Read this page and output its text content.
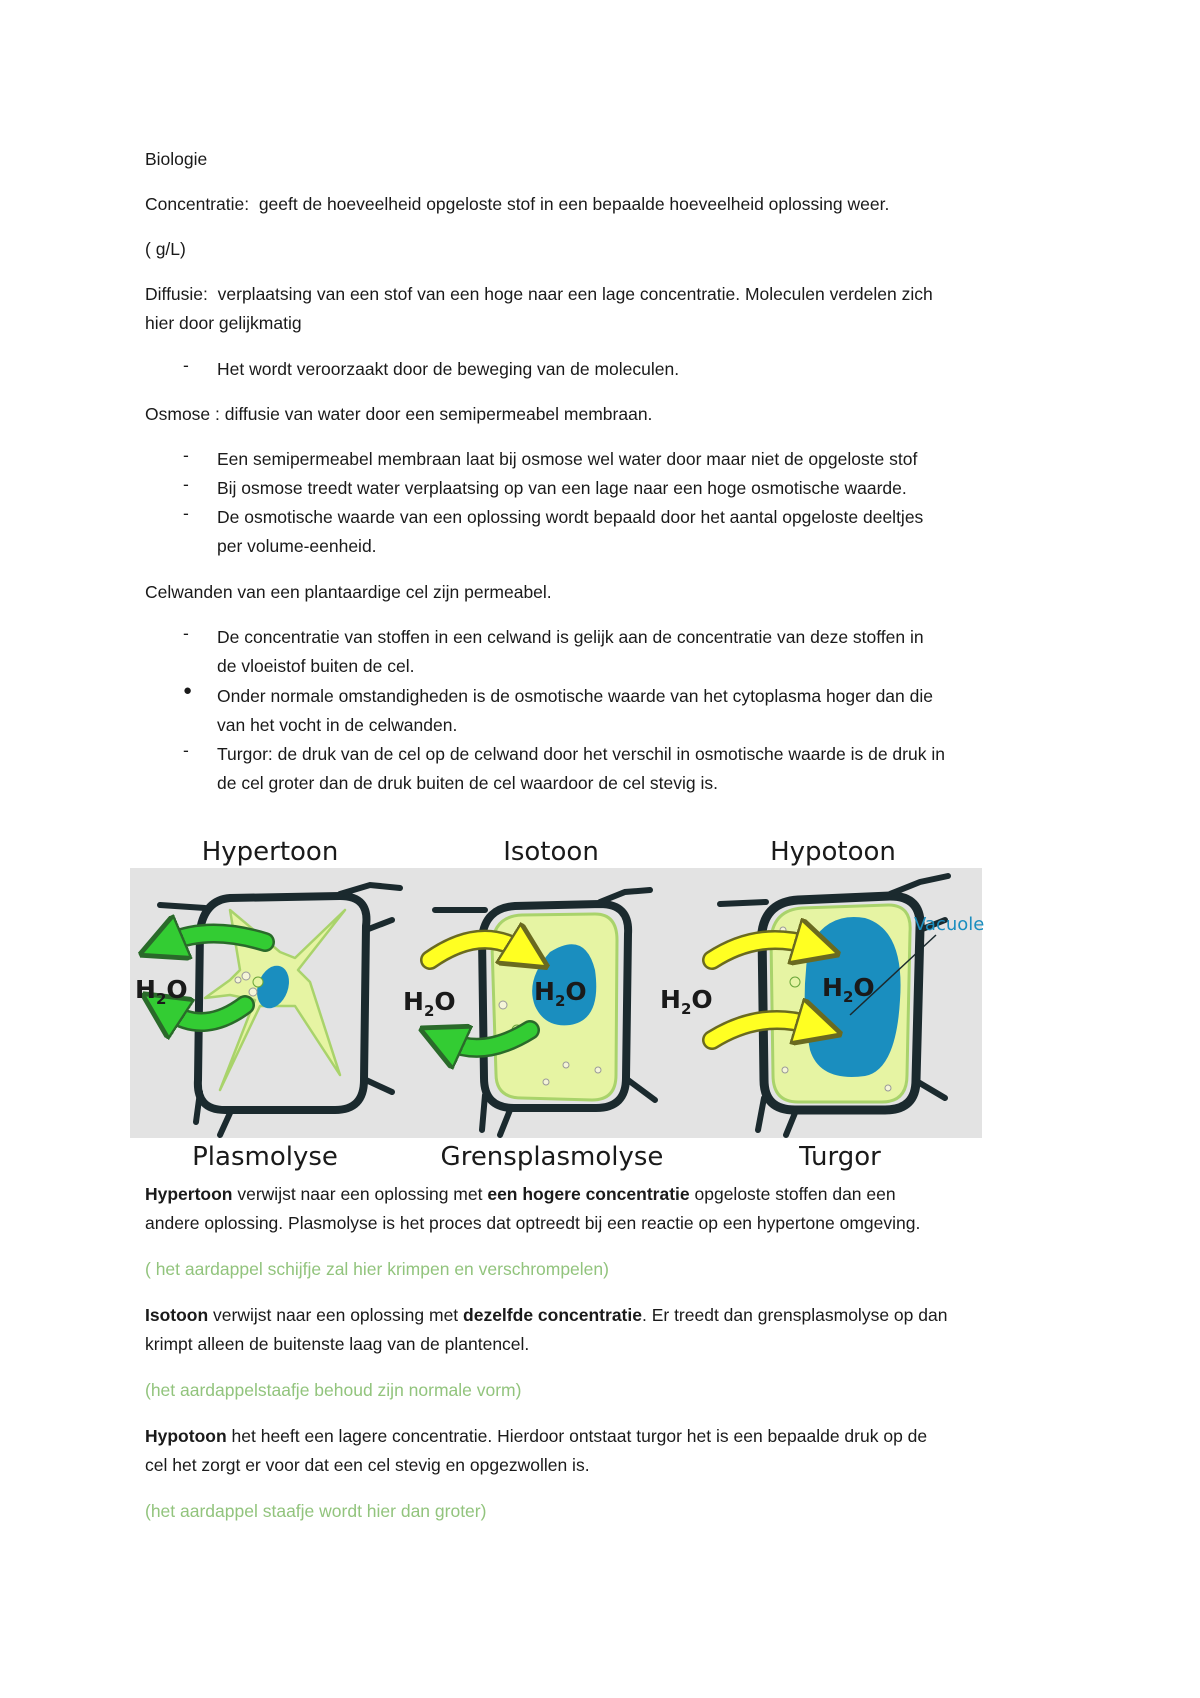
Biologie

Concentratie: geeft de hoeveelheid opgeloste stof in een bepaalde hoeveelheid oplossing weer.

( g/L)

Diffusie: verplaatsing van een stof van een hoge naar een lage concentratie. Moleculen verdelen zich

hier door gelijkmatig

-	Het wordt veroorzaakt door de beweging van de moleculen.

Osmose : diffusie van water door een semipermeabel membraan.

-	Een semipermeabel membraan laat bij osmose wel water door maar niet de opgeloste stof

-	Bij osmose treedt water verplaatsing op van een lage naar een hoge osmotische waarde.

-	De osmotische waarde van een oplossing wordt bepaald door het aantal opgeloste deeltjes

per volume-eenheid.

Celwanden van een plantaardige cel zijn permeabel.

-	De concentratie van stoffen in een celwand is gelijk aan de concentratie van deze stoffen in

de vloeistof buiten de cel.

● Onder normale omstandigheden is de osmotische waarde van het cytoplasma hoger dan die

van het vocht in de celwanden.

-	Turgor: de druk van de cel op de celwand door het verschil in osmotische waarde is de druk in

de cel groter dan de druk buiten de cel waardoor de cel stevig is.

Hypertoon	Isotoon	Hypotoon
$H_2O$	$H_2O$	$H_2O$
Vacuole
$H_2O$	$H_2O$
Plasmolyse	Grensplasmolyse	Turgor

Hypertoon verwijst naar een oplossing met een hogere concentratie opgeloste stoffen dan een

andere oplossing. Plasmolyse is het proces dat optreedt bij een reactie op een hypertone omgeving.

( het aardappel schijfje zal hier krimpen en verschrompelen)

Isotoon verwijst naar een oplossing met dezelfde concentratie. Er treedt dan grensplasmolyse op dan

krimpt alleen de buitenste laag van de plantencel.

(het aardappelstaafje behoud zijn normale vorm)

Hypotoon het heeft een lagere concentratie. Hierdoor ontstaat turgor het is een bepaalde druk op de

cel het zorgt er voor dat een cel stevig en opgezwollen is.

(het aardappel staafje wordt hier dan groter)
